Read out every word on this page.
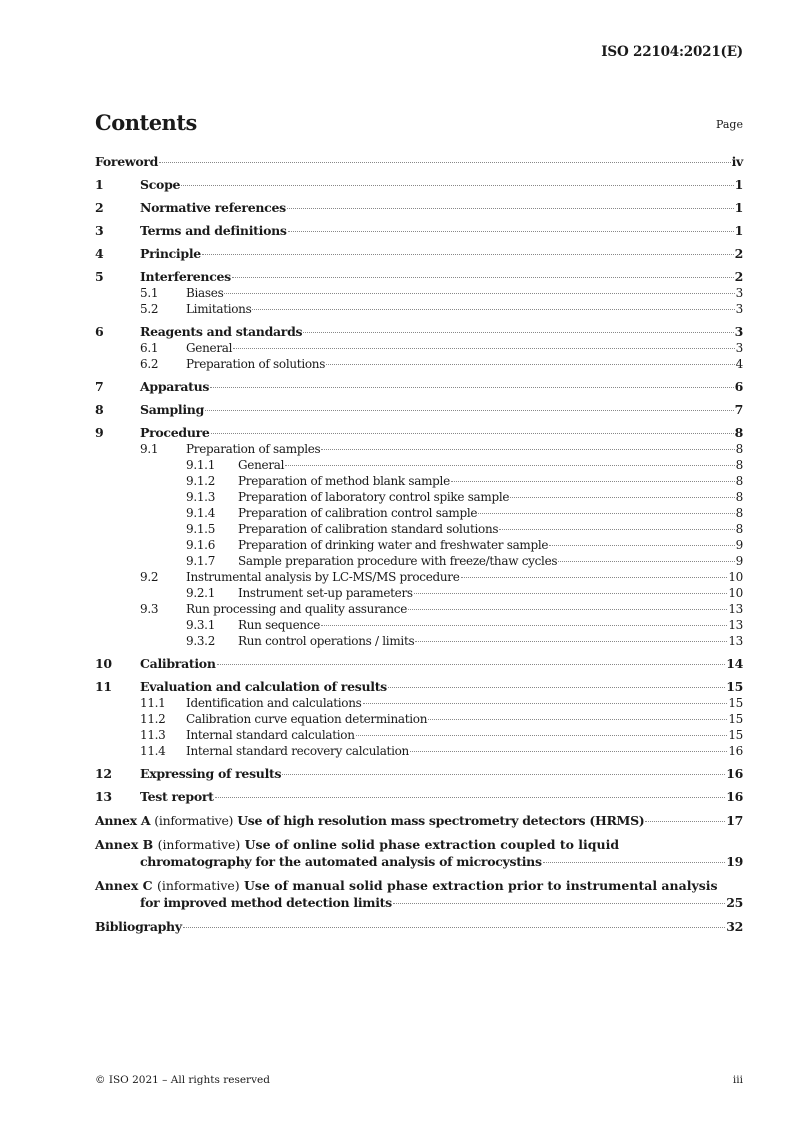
ISO 22104:2021(E)
Contents	Page
Foreword	iv
1	Scope	1
2	Normative references	1
3	Terms and definitions	1
4	Principle	2
5	Interferences	2
5.1	Biases	3
5.2	Limitations	3
6	Reagents and standards	3
6.1	General	3
6.2	Preparation of solutions	4
7	Apparatus	6
8	Sampling	7
9	Procedure	8
9.1	Preparation of samples	8
9.1.1	General	8
9.1.2	Preparation of method blank sample	8
9.1.3	Preparation of laboratory control spike sample	8
9.1.4	Preparation of calibration control sample	8
9.1.5	Preparation of calibration standard solutions	8
9.1.6	Preparation of drinking water and freshwater sample	9
9.1.7	Sample preparation procedure with freeze/thaw cycles	9
9.2	Instrumental analysis by LC-MS/MS procedure	10
9.2.1	Instrument set-up parameters	10
9.3	Run processing and quality assurance	13
9.3.1	Run sequence	13
9.3.2	Run control operations / limits	13
10	Calibration	14
11	Evaluation and calculation of results	15
11.1	Identification and calculations	15
11.2	Calibration curve equation determination	15
11.3	Internal standard calculation	15
11.4	Internal standard recovery calculation	16
12	Expressing of results	16
13	Test report	16
Annex A (informative) Use of high resolution mass spectrometry detectors (HRMS)	17
Annex B (informative) Use of online solid phase extraction coupled to liquid
chromatography for the automated analysis of microcystins	19
Annex C (informative) Use of manual solid phase extraction prior to instrumental analysis
for improved method detection limits	25
Bibliography	32
© ISO 2021 – All rights reserved	iii
